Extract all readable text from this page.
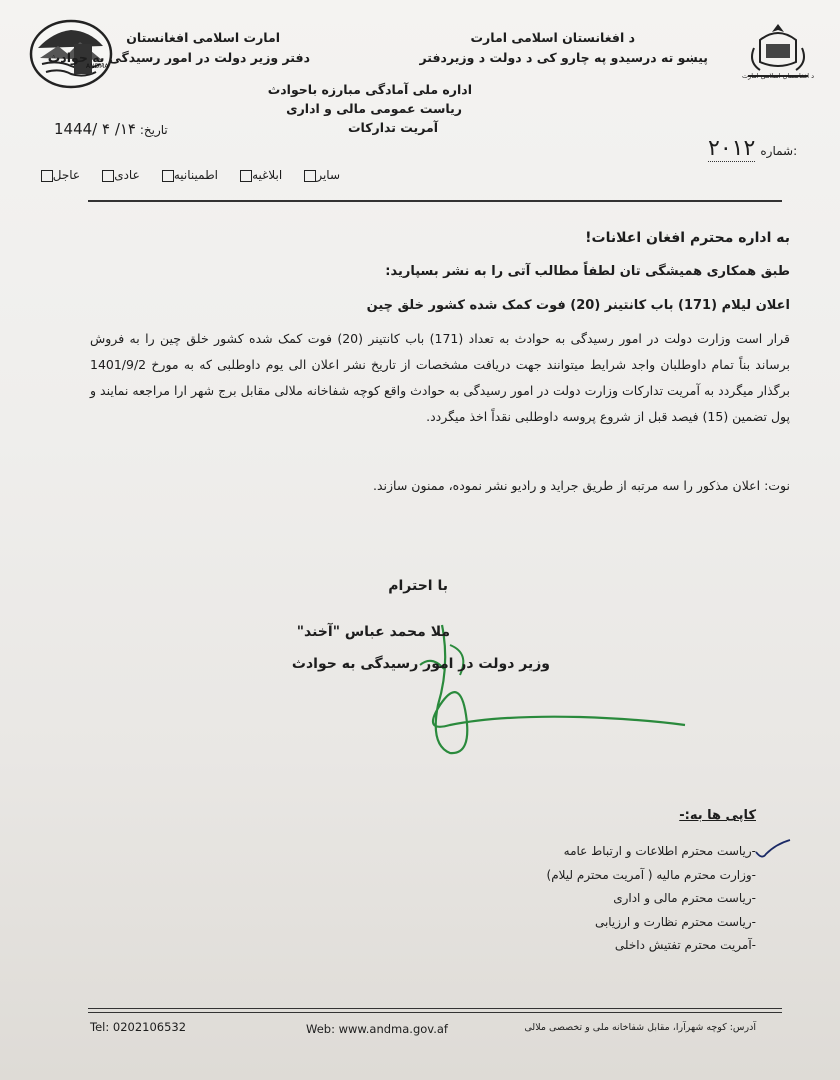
ANDMA
امارت اسلامی افغانستان
دفتر وزیر دولت در امور رسیدگی به حوادث
د افغانستان اسلامی امارت
پیښو ته درسیدو په چارو کی د دولت د وزیردفتر
د افغانستان اسلامی امارت
اداره ملی آمادگی مبارزه باحوادث
ریاست عمومی مالی و اداری
آمریت تدارکات
1444/ ۴ /۱۴ تاریخ:
۲۰۱۲ شماره:
عاجل	عادی	اطمینانیه	ابلاغیه	سایر
به اداره محترم افغان اعلانات!
طبق همکاری همیشگی تان لطفاً مطالب آتی را به نشر بسپارید:
اعلان لیلام (171) باب کانتینر (20) فوت کمک شده کشور خلق چین
قرار است وزارت دولت در امور رسیدگی به حوادث به تعداد (171) باب کانتینر (20) فوت کمک شده کشور خلق چین را به فروش برساند بناً تمام داوطلبان واجد شرایط میتوانند جهت دریافت مشخصات از تاریخ نشر اعلان الی یوم داوطلبی که به مورخ 1401/9/2 برگذار میگردد به آمریت تدارکات وزارت دولت در امور رسیدگی به حوادث واقع کوچه شفاخانه ملالی مقابل برج شهر ارا مراجعه نمایند و پول تضمین (15) فیصد قبل از شروع پروسه داوطلبی نقداً اخذ میگردد.
نوت: اعلان مذکور را سه مرتبه از طریق جراید و رادیو نشر نموده، ممنون سازند.
با احترام
ملا محمد عباس "آخند"
وزیر دولت در امور رسیدگی به حوادث
کاپی ها به:-
-ریاست محترم اطلاعات و ارتباط عامه
-وزارت محترم مالیه ( آمریت محترم لیلام)
-ریاست محترم مالی و اداری
-ریاست محترم نظارت و ارزیابی
-آمریت محترم تفتیش داخلی
Tel: 0202106532	Web: www.andma.gov.af	آدرس: کوچه شهرآرا، مقابل شفاخانه ملی و تخصصی ملالی
